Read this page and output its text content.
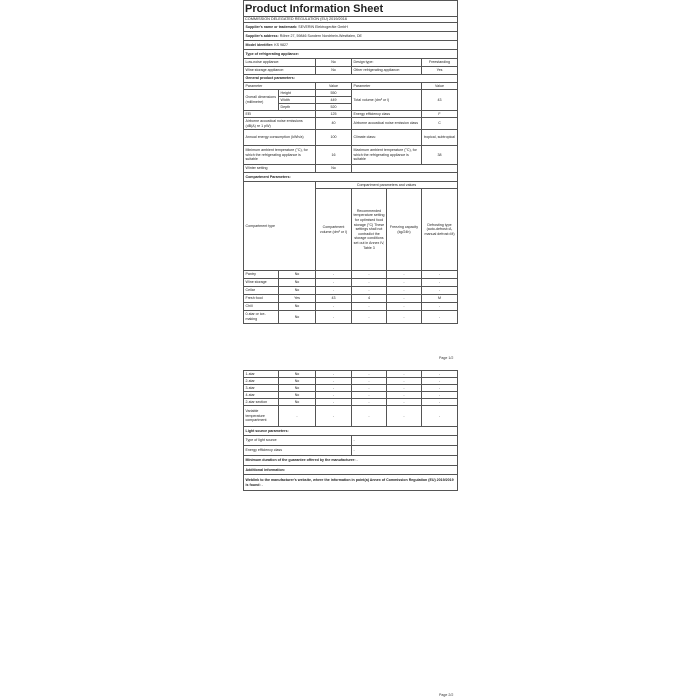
Product Information Sheet					
COMMISSION DELEGATED REGULATION (EU) 2019/2016					
Supplier's name or trademark: SEVERIN Elektrogeräte GmbH					
Supplier's address: Röhre 27, 59846 Sundern Nordrhein-Westfalen, DE					
Model identifier: KS 9827					
Type of refrigerating appliance:					
Low-noise appliance:		No	Design type:		Freestanding
Wine storage appliance:		No	Other refrigerating appliance:		Yes
General product parameters:					
Parameter		Value	Parameter		Value
Overall dimensions (millimetre)	Height	550	Total volume (dm³ or l)		43
	Width	449			
	Depth	520			
EEI		125	Energy efficiency class		F
Airborne acoustical noise emissions (dB(A) re 1 pW)		40	Airborne acoustical noise emission class		C
Annual energy consumption (kWh/a)		100	Climate class:		tropical, subtropical
Minimum ambient temperature (°C), for which the refrigerating appliance is suitable		16	Maximum ambient temperature (°C), for which the refrigerating appliance is suitable		38
Winter setting		No			
Compartment Parameters:					
Compartment type		Compartment parameters and values			
		Compartment volume (dm³ or l)	Recommended temperature setting for optimised food storage (°C) These settings shall not contradict the storage conditions set out in Annex IV, Table 3	Freezing capacity (kg/24h)	Defrosting type (auto-defrost=A, manual defrost=M)
Pantry	No	-	-	-	-
Wine storage	No	-	-	-	-
Cellar	No	-	-	-	-
Fresh food	Yes	43	4	-	M
Chill	No	-	-	-	-
0-star or ice-making	No	-	-	-	-
Page 1/2
1-star	No	-	-	-	-
2-star	No	-	-	-	-
3-star	No	-	-	-	-
4-star	No	-	-	-	-
2-star section	No	-	-	-	-
Variable temperature compartment	-	-	-	-	-
Light source parameters:					
Type of light source			-		
Energy efficiency class			-		
Minimum duration of the guarantee offered by the manufacturer: -					
Additional information:					
Weblink to the manufacturer's website, where the information in point(a) Annex of Commission Regulation (EU) 2019/2019 is found: -					
Page 2/2
